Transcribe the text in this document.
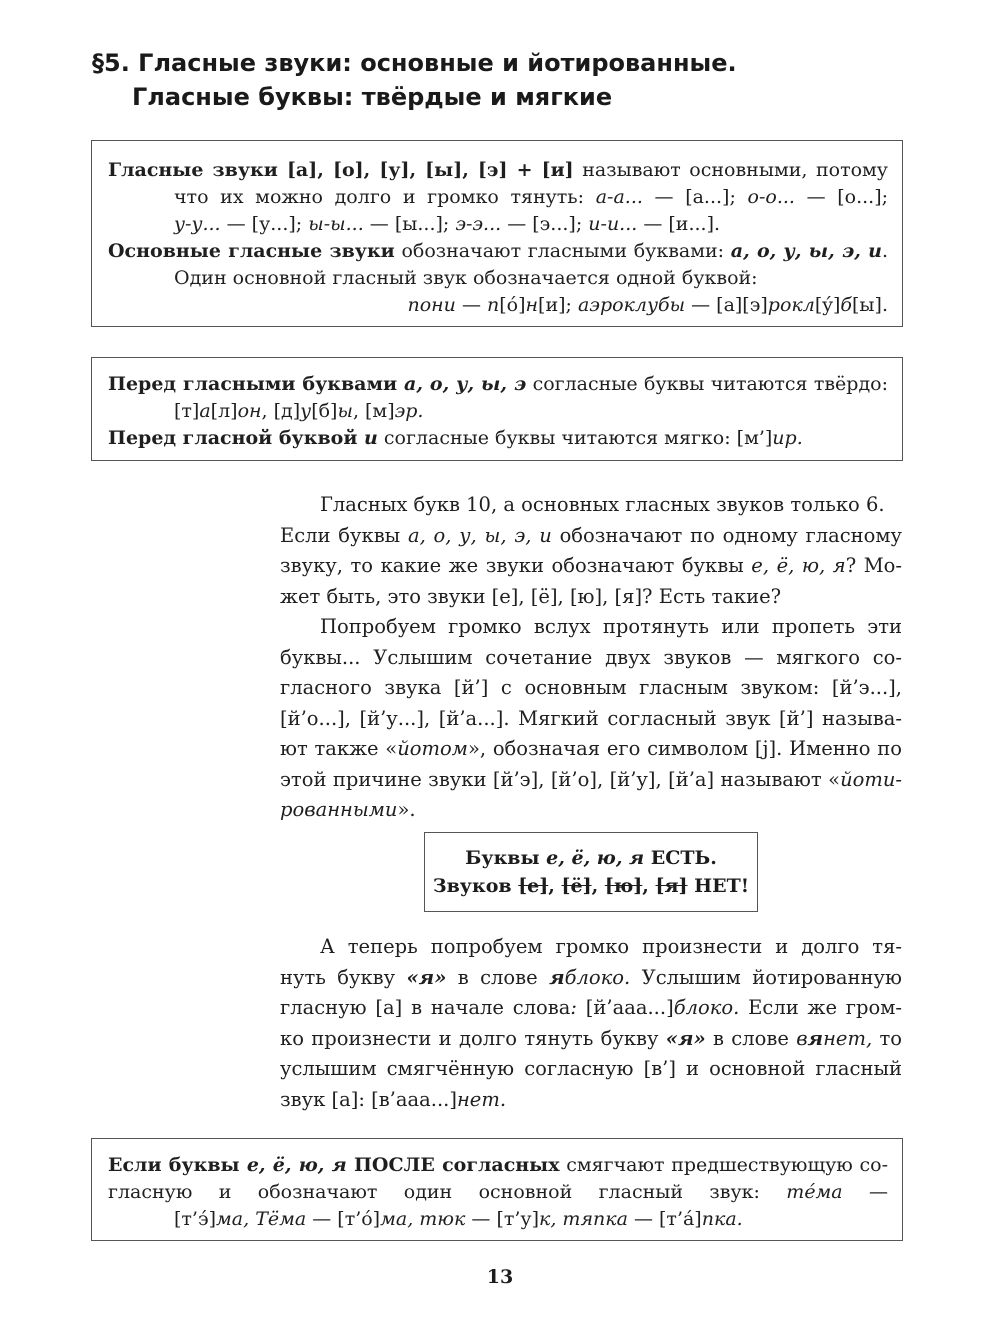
§5. Гласные звуки: основные и йотированные.
Гласные буквы: твёрдые и мягкие
Гласные звуки [а], [о], [у], [ы], [э] + [и] называют основными, потому
что их можно долго и громко тянуть: а-а... — [а...]; о-о... — [о...];
у-у... — [у...]; ы-ы... — [ы...]; э-э... — [э...]; и-и... — [и...].
Основные гласные звуки обозначают гласными буквами: а, о, у, ы, э, и.
Один основной гласный звук обозначается одной буквой:
пони — п[ó]н[и]; аэроклубы — [а][э]рокл[ý]б[ы].
Перед гласными буквами а, о, у, ы, э согласные буквы читаются твёрдо:
[т]а[л]он, [д]у[б]ы, [м]эр.
Перед гласной буквой и согласные буквы читаются мягко: [м’]ир.
Гласных букв 10, а основных гласных звуков только 6.
Если буквы а, о, у, ы, э, и обозначают по одному гласному
звуку, то какие же звуки обозначают буквы е, ё, ю, я? Мо-
жет быть, это звуки [е], [ё], [ю], [я]? Есть такие?
Попробуем громко вслух протянуть или пропеть эти
буквы... Услышим сочетание двух звуков — мягкого со-
гласного звука [й’] с основным гласным звуком: [й’э...],
[й’о...], [й’у...], [й’а...]. Мягкий согласный звук [й’] называ-
ют также «йотом», обозначая его символом [j]. Именно по
этой причине звуки [й’э], [й’о], [й’у], [й’а] называют «йоти-
рованными».
Буквы е, ё, ю, я ЕСТЬ.
Звуков [е], [ё], [ю], [я] НЕТ!
А теперь попробуем громко произнести и долго тя-
нуть букву «я» в слове яблоко. Услышим йотированную
гласную [а] в начале слова: [й’ааа...]блоко. Если же гром-
ко произнести и долго тянуть букву «я» в слове вянет, то
услышим смягчённую согласную [в’] и основной гласный
звук [а]: [в’ааа...]нет.
Если буквы е, ё, ю, я ПОСЛЕ согласных смягчают предшествующую со-
гласную и обозначают один основной гласный звук: тéма —
[т’э́]ма, Тёма — [т’ó]ма, тюк — [т’у]к, тяпка — [т’á]пка.
13
